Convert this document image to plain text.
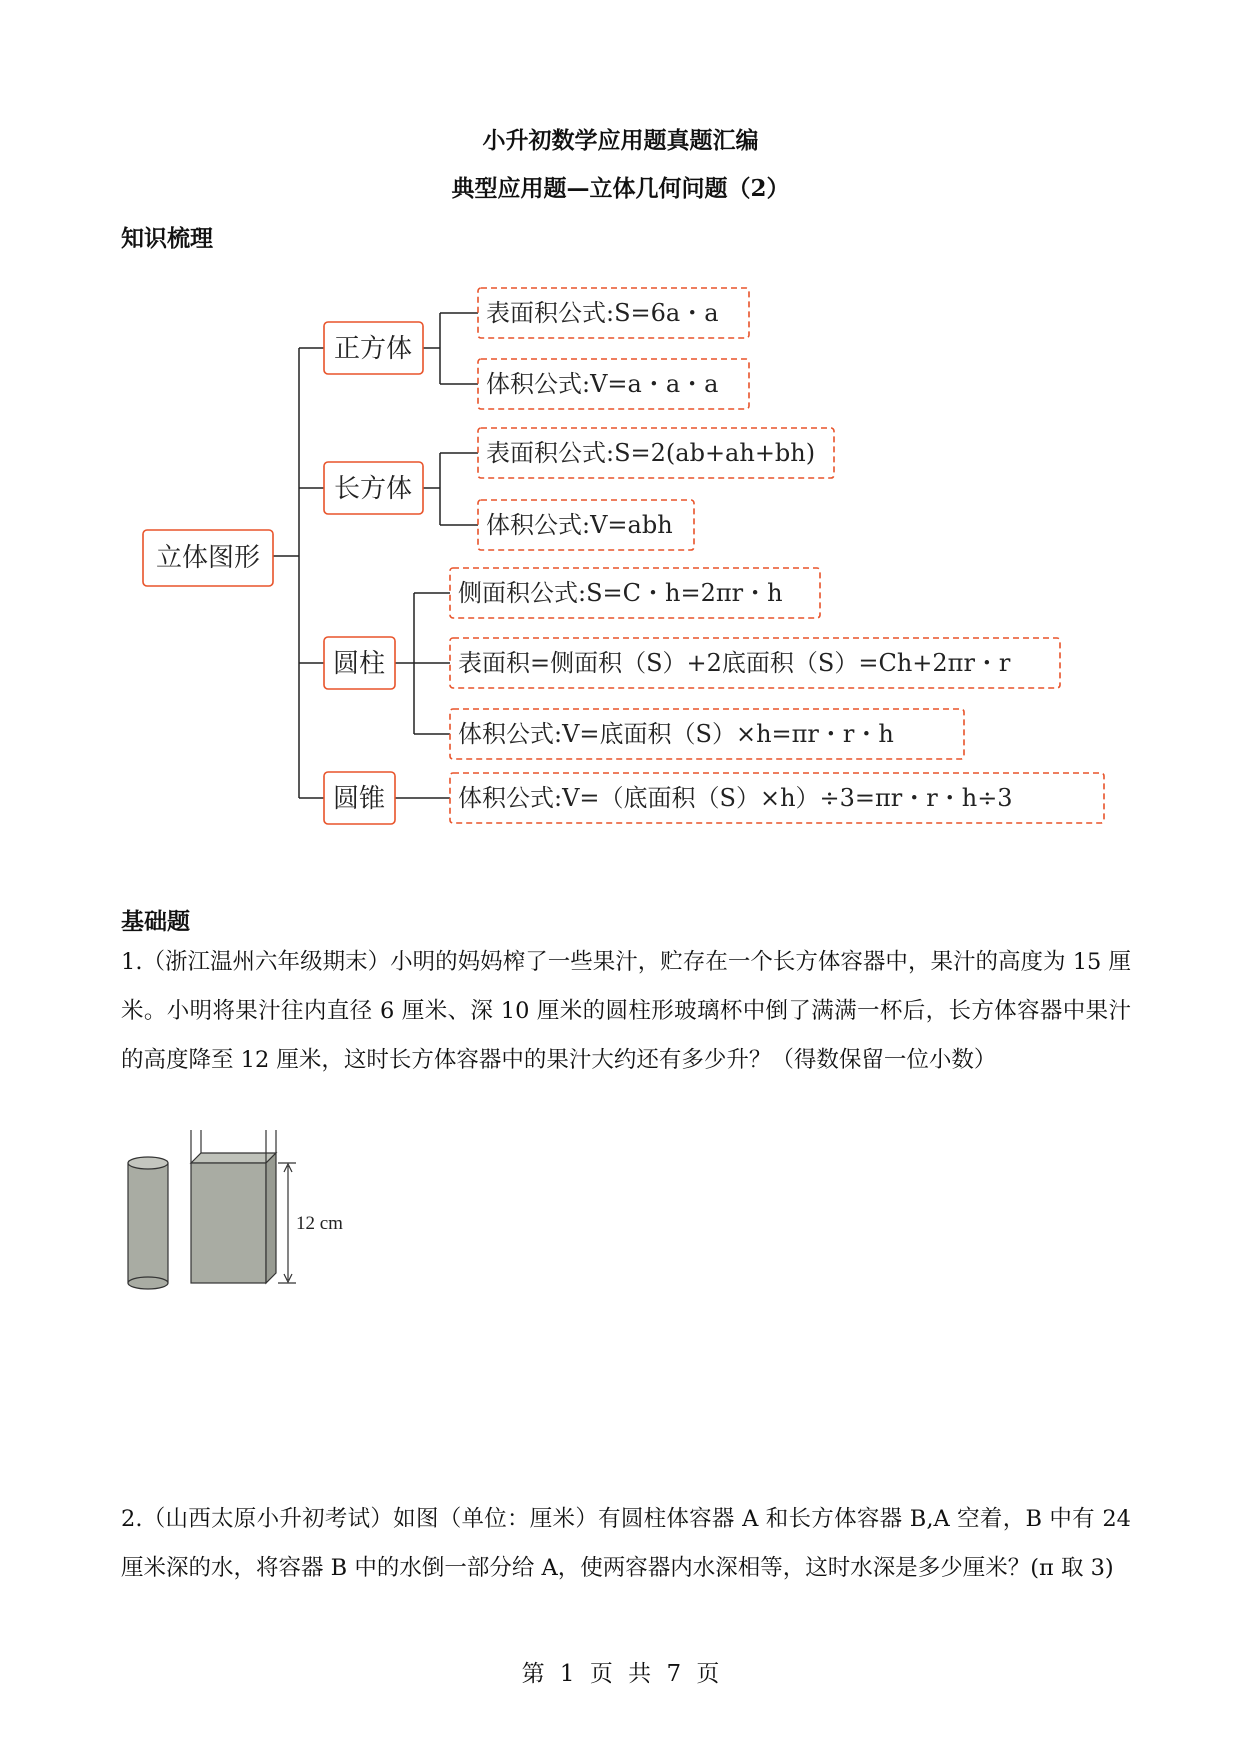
小升初数学应用题真题汇编
典型应用题—立体几何问题（2）
知识梳理
立体图形
正方体
长方体
圆柱
圆锥
表面积公式:S=6a・a
体积公式:V=a・a・a
表面积公式:S=2(ab+ah+bh)
体积公式:V=abh
侧面积公式:S=C・h=2πr・h
表面积=侧面积（S）+2底面积（S）=Ch+2πr・r
体积公式:V=底面积（S）×h=πr・r・h
体积公式:V=（底面积（S）×h）÷3=πr・r・h÷3
基础题

1.（浙江温州六年级期末）小明的妈妈榨了一些果汁，贮存在一个长方体容器中，果汁的高度为 15 厘米。小明将果汁往内直径 6 厘米、深 10 厘米的圆柱形玻璃杯中倒了满满一杯后，长方体容器中果汁的高度降至 12 厘米，这时长方体容器中的果汁大约还有多少升？（得数保留一位小数）

12 cm

2.（山西太原小升初考试）如图（单位：厘米）有圆柱体容器 A 和长方体容器 B,A 空着，B 中有 24 厘米深的水，将容器 B 中的水倒一部分给 A，使两容器内水深相等，这时水深是多少厘米？(π 取 3)

第 1 页 共 7 页
